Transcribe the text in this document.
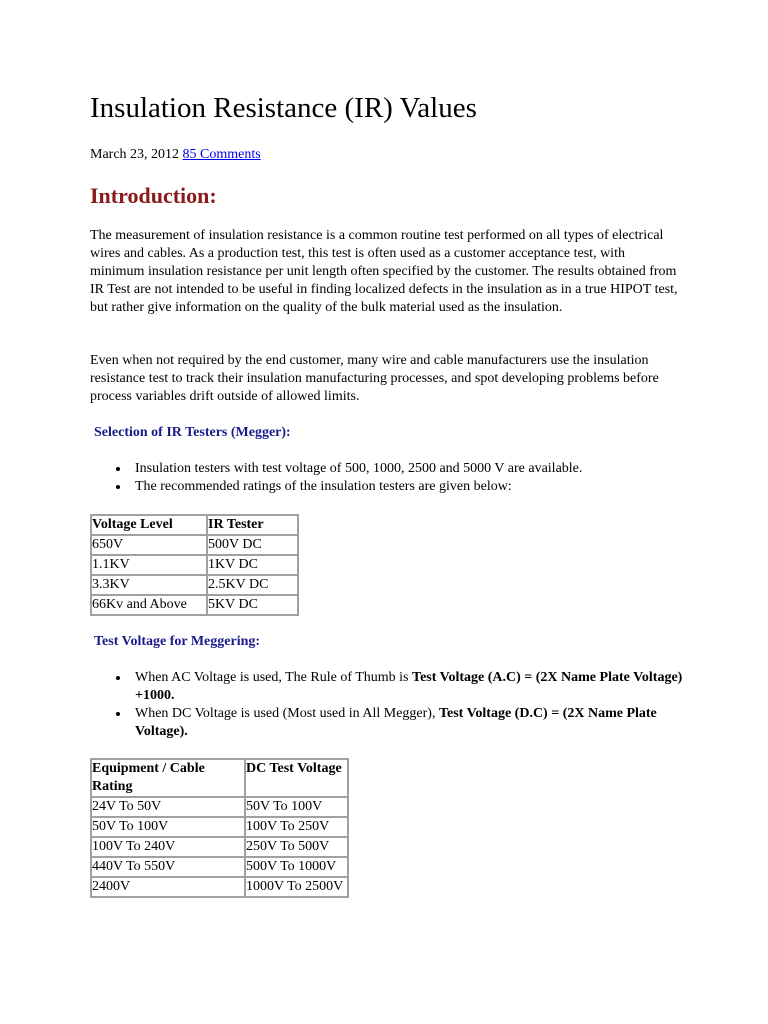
Insulation Resistance (IR) Values
March 23, 2012 85 Comments
Introduction:

The measurement of insulation resistance is a common routine test performed on all types of electrical wires and cables. As a production test, this test is often used as a customer acceptance test, with minimum insulation resistance per unit length often specified by the customer. The results obtained from IR Test are not intended to be useful in finding localized defects in the insulation as in a true HIPOT test, but rather give information on the quality of the bulk material used as the insulation.

Even when not required by the end customer, many wire and cable manufacturers use the insulation resistance test to track their insulation manufacturing processes, and spot developing problems before process variables drift outside of allowed limits.

Selection of IR Testers (Megger):
Insulation testers with test voltage of 500, 1000, 2500 and 5000 V are available.
The recommended ratings of the insulation testers are given below:
Voltage Level	IR Tester
650V	500V DC
1.1KV	1KV DC
3.3KV	2.5KV DC
66Kv and Above	5KV DC
Test Voltage for Meggering:
When AC Voltage is used, The Rule of Thumb is Test Voltage (A.C) = (2X Name Plate Voltage) +1000.
When DC Voltage is used (Most used in All Megger), Test Voltage (D.C) = (2X Name Plate Voltage).
Equipment / Cable Rating	DC Test Voltage
24V To 50V	50V To 100V
50V To 100V	100V To 250V
100V To 240V	250V To 500V
440V To 550V	500V To 1000V
2400V	1000V To 2500V
